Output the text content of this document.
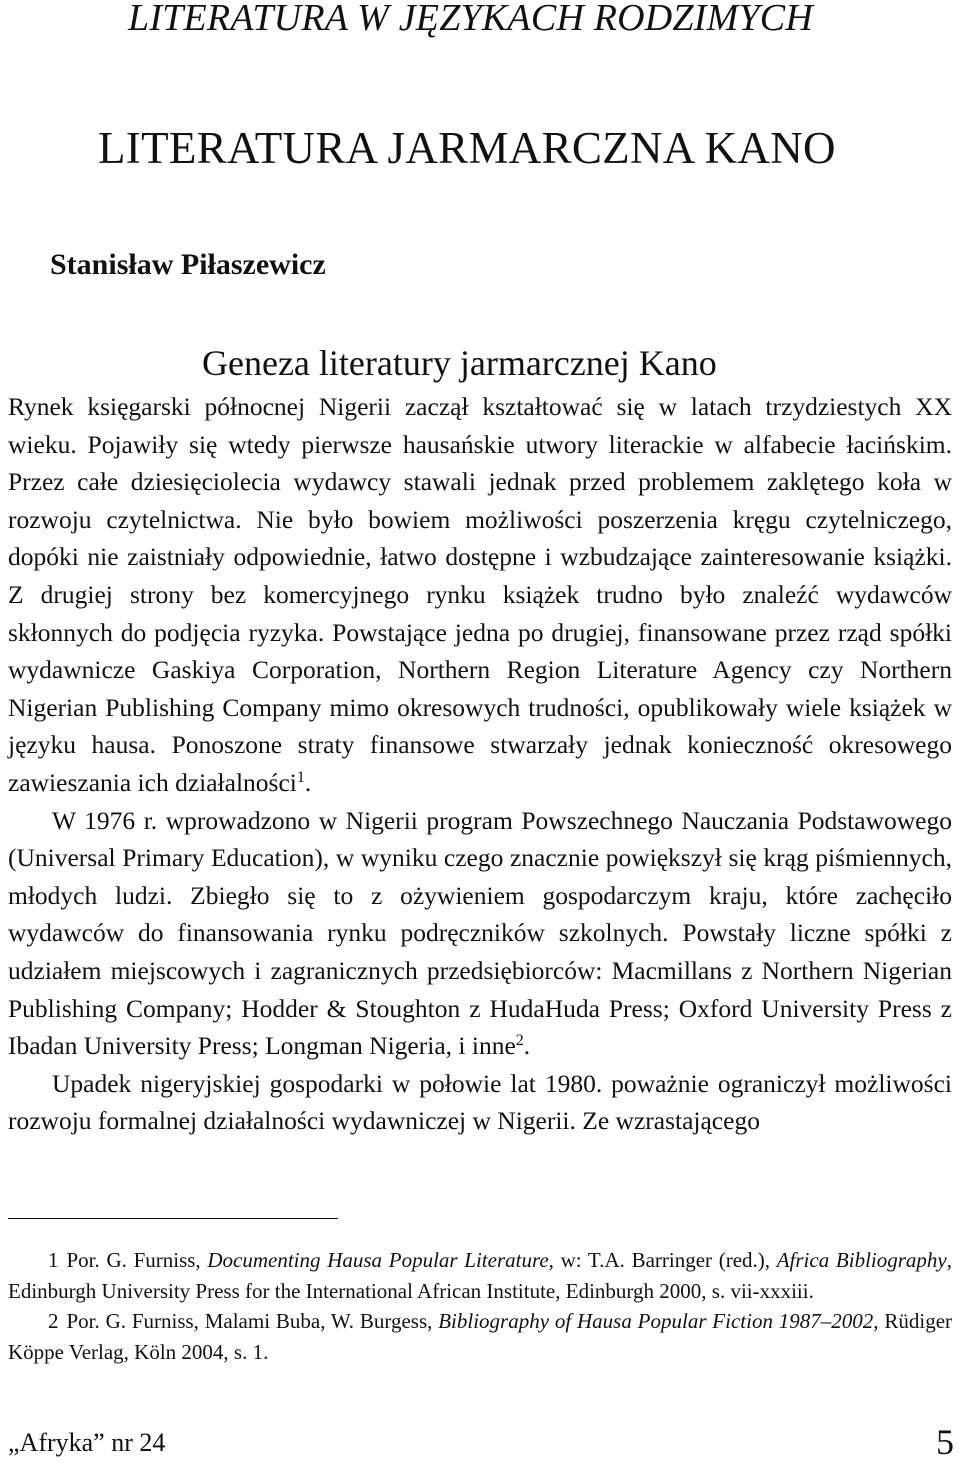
LITERATURA W JĘZYKACH RODZIMYCH
LITERATURA JARMARCZNA KANO
Stanisław Piłaszewicz
Geneza literatury jarmarcznej Kano

Rynek księgarski północnej Nigerii zaczął kształtować się w latach trzydziestych XX wieku. Pojawiły się wtedy pierwsze hausańskie utwory literackie w alfabecie łacińskim. Przez całe dziesięciolecia wydawcy stawali jednak przed problemem zaklętego koła w rozwoju czytelnictwa. Nie było bowiem możliwości poszerzenia kręgu czytelniczego, dopóki nie zaistniały odpowiednie, łatwo dostępne i wzbudzające zainteresowanie książki. Z drugiej strony bez komercyjnego rynku książek trudno było znaleźć wydawców skłonnych do podjęcia ryzyka. Powstające jedna po drugiej, finansowane przez rząd spółki wydawnicze Gaskiya Corporation, Northern Region Literature Agency czy Northern Nigerian Publishing Company mimo okresowych trudności, opublikowały wiele książek w języku hausa. Ponoszone straty finansowe stwarzały jednak konieczność okresowego zawieszania ich działalności$^1$.

W 1976 r. wprowadzono w Nigerii program Powszechnego Nauczania Podstawowego (Universal Primary Education), w wyniku czego znacznie powiększył się krąg piśmiennych, młodych ludzi. Zbiegło się to z ożywieniem gospodarczym kraju, które zachęciło wydawców do finansowania rynku podręczników szkolnych. Powstały liczne spółki z udziałem miejscowych i zagranicznych przedsiębiorców: Macmillans z Northern Nigerian Publishing Company; Hodder & Stoughton z HudaHuda Press; Oxford University Press z Ibadan University Press; Longman Nigeria, i inne$^2$.

Upadek nigeryjskiej gospodarki w połowie lat 1980. poważnie ograniczył możliwości rozwoju formalnej działalności wydawniczej w Nigerii. Ze wzrastającego

1 Por. G. Furniss, Documenting Hausa Popular Literature, w: T.A. Barringer (red.), Africa Bibliography, Edinburgh University Press for the International African Institute, Edinburgh 2000, s. vii-xxxiii.

2 Por. G. Furniss, Malami Buba, W. Burgess, Bibliography of Hausa Popular Fiction 1987–2002, Rüdiger Köppe Verlag, Köln 2004, s. 1.

„Afryka” nr 24	5
